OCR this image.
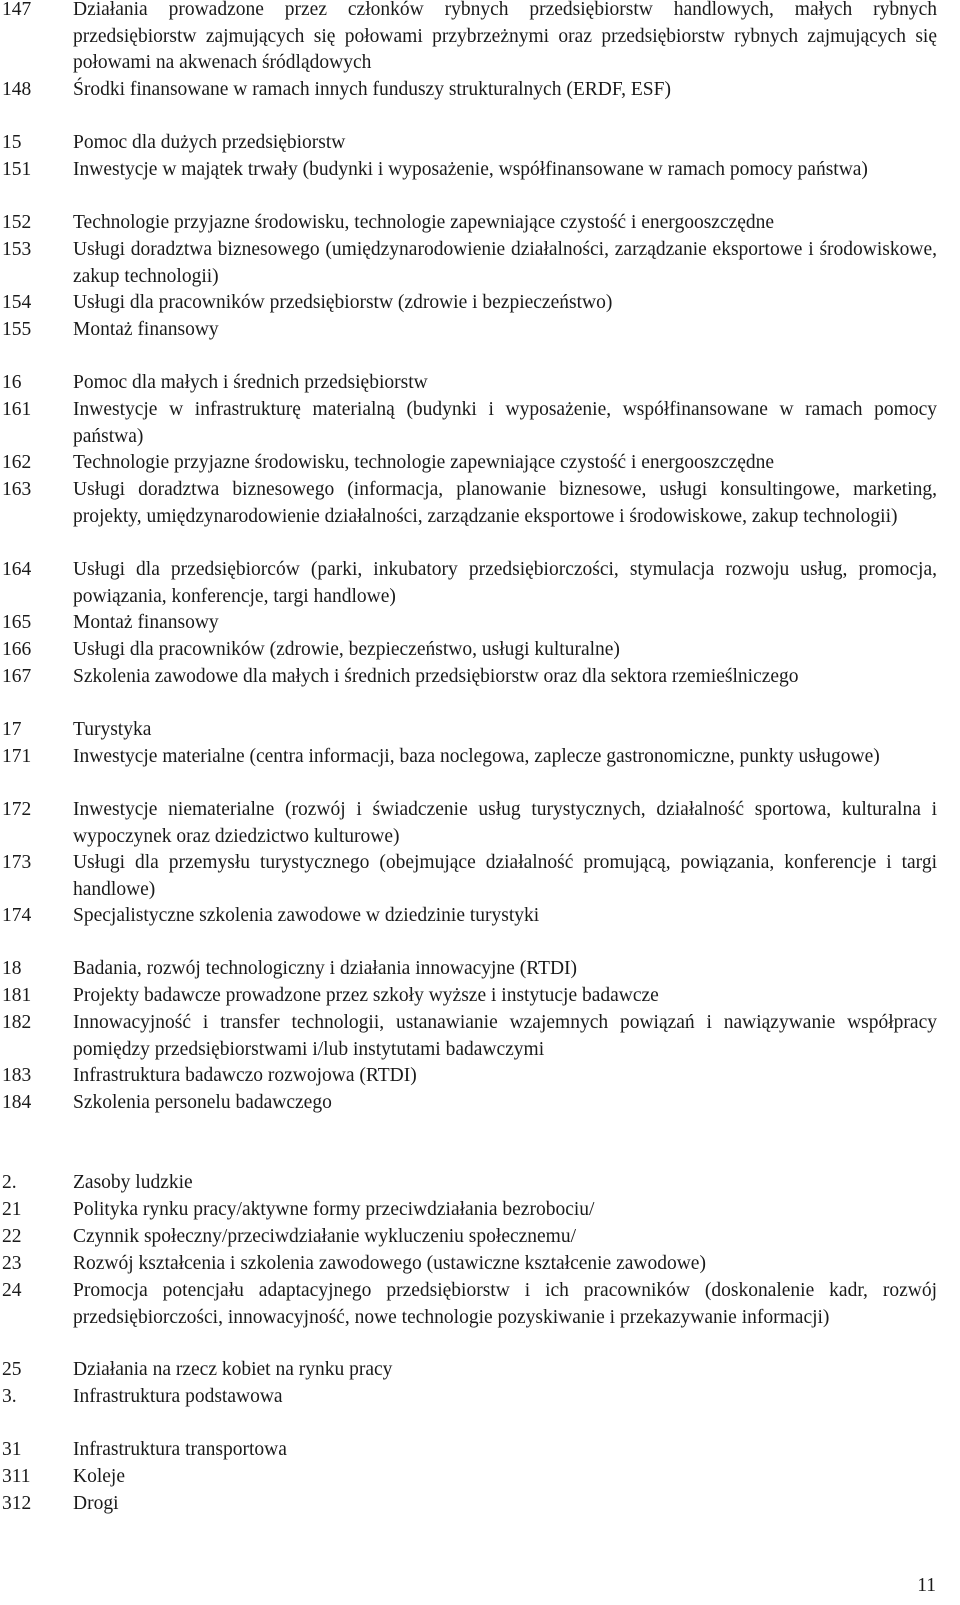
147 Działania prowadzone przez członków rybnych przedsiębiorstw handlowych, małych rybnych przedsiębiorstw zajmujących się połowami przybrzeżnymi oraz przedsiębiorstw rybnych zajmujących się połowami na akwenach śródlądowych
148 Środki finansowane w ramach innych funduszy strukturalnych (ERDF, ESF)
15	Pomoc dla dużych przedsiębiorstw
151 Inwestycje w majątek trwały (budynki i wyposażenie, współfinansowane w ramach pomocy państwa)
152 Technologie przyjazne środowisku, technologie zapewniające czystość i energooszczędne
153 Usługi doradztwa biznesowego (umiędzynarodowienie działalności, zarządzanie eksportowe i środowiskowe, zakup technologii)
154 Usługi dla pracowników przedsiębiorstw (zdrowie i bezpieczeństwo)
155 Montaż finansowy
16	Pomoc dla małych i średnich przedsiębiorstw
161 Inwestycje w infrastrukturę materialną (budynki i wyposażenie, współfinansowane w ramach pomocy państwa)
162 Technologie przyjazne środowisku, technologie zapewniające czystość i energooszczędne
163 Usługi doradztwa biznesowego (informacja, planowanie biznesowe, usługi konsultingowe, marketing, projekty, umiędzynarodowienie działalności, zarządzanie eksportowe i środowiskowe, zakup technologii)
164 Usługi dla przedsiębiorców (parki, inkubatory przedsiębiorczości, stymulacja rozwoju usług, promocja, powiązania, konferencje, targi handlowe)
165 Montaż finansowy
166 Usługi dla pracowników (zdrowie, bezpieczeństwo, usługi kulturalne)
167 Szkolenia zawodowe dla małych i średnich przedsiębiorstw oraz dla sektora rzemieślniczego
17	Turystyka
171 Inwestycje materialne (centra informacji, baza noclegowa, zaplecze gastronomiczne, punkty usługowe)
172 Inwestycje niematerialne (rozwój i świadczenie usług turystycznych, działalność sportowa, kulturalna i wypoczynek oraz dziedzictwo kulturowe)
173 Usługi dla przemysłu turystycznego (obejmujące działalność promującą, powiązania, konferencje i targi handlowe)
174 Specjalistyczne szkolenia zawodowe w dziedzinie turystyki
18	Badania, rozwój technologiczny i działania innowacyjne (RTDI)
181 Projekty badawcze prowadzone przez szkoły wyższe i instytucje badawcze
182 Innowacyjność i transfer technologii, ustanawianie wzajemnych powiązań i nawiązywanie współpracy pomiędzy przedsiębiorstwami i/lub instytutami badawczymi
183 Infrastruktura badawczo rozwojowa (RTDI)
184 Szkolenia personelu badawczego
2.	Zasoby ludzkie
21	Polityka rynku pracy/aktywne formy przeciwdziałania bezrobociu/
22	Czynnik społeczny/przeciwdziałanie wykluczeniu społecznemu/
23	Rozwój kształcenia i szkolenia zawodowego (ustawiczne kształcenie zawodowe)
24	Promocja potencjału adaptacyjnego przedsiębiorstw i ich pracowników (doskonalenie kadr, rozwój przedsiębiorczości, innowacyjność, nowe technologie pozyskiwanie i przekazywanie informacji)
25	Działania na rzecz kobiet na rynku pracy
3.	Infrastruktura podstawowa
31	Infrastruktura transportowa
311 Koleje
312 Drogi
11
